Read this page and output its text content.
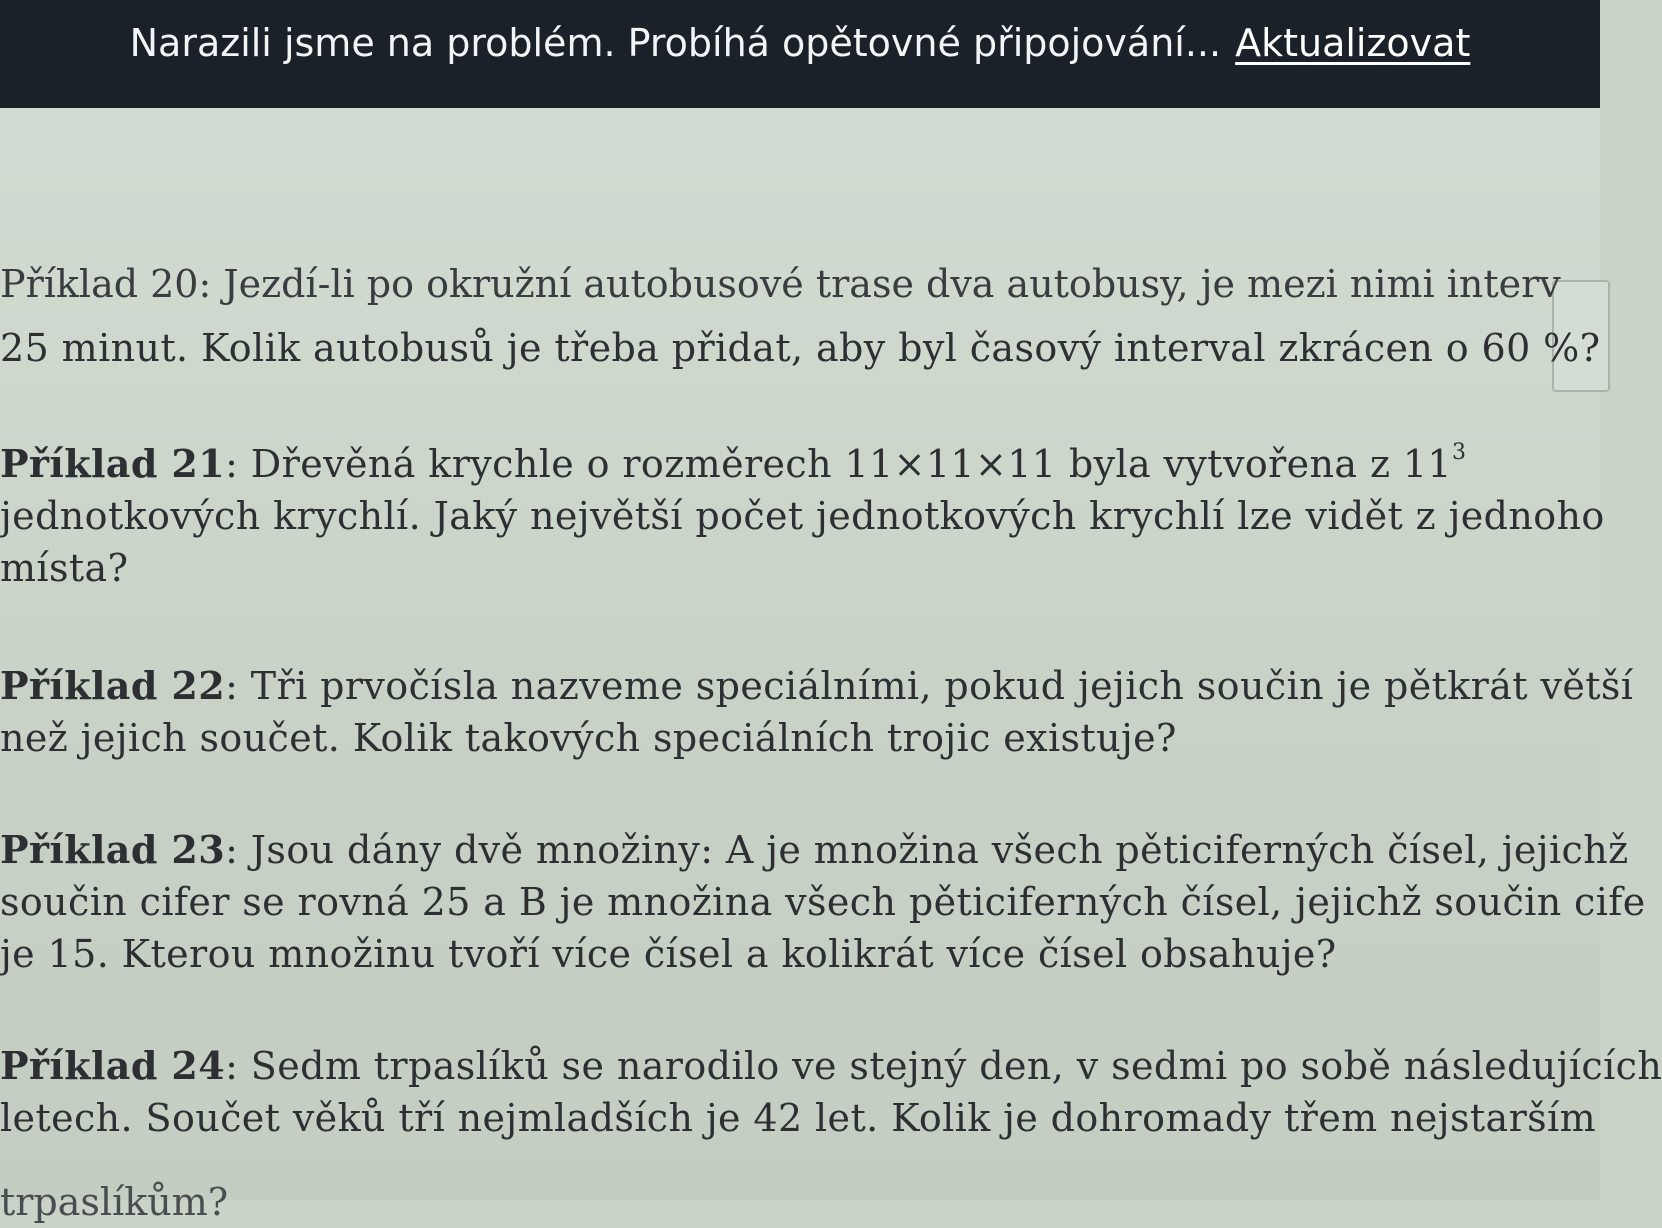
Narazili jsme na problém. Probíhá opětovné připojování... Aktualizovat
Příklad 20: Jezdí-li po okružní autobusové trase dva autobusy, je mezi nimi interv
25 minut. Kolik autobusů je třeba přidat, aby byl časový interval zkrácen o 60 %?
Příklad 21: Dřevěná krychle o rozměrech 11×11×11 byla vytvořena z $11^3$
jednotkových krychlí. Jaký největší počet jednotkových krychlí lze vidět z jednoho
místa?
Příklad 22: Tři prvočísla nazveme speciálními, pokud jejich součin je pětkrát větší
než jejich součet. Kolik takových speciálních trojic existuje?
Příklad 23: Jsou dány dvě množiny: A je množina všech pěticiferných čísel, jejichž
součin cifer se rovná 25 a B je množina všech pěticiferných čísel, jejichž součin cife
je 15. Kterou množinu tvoří více čísel a kolikrát více čísel obsahuje?
Příklad 24: Sedm trpaslíků se narodilo ve stejný den, v sedmi po sobě následujících
letech. Součet věků tří nejmladších je 42 let. Kolik je dohromady třem nejstarším
trpaslíkům?
